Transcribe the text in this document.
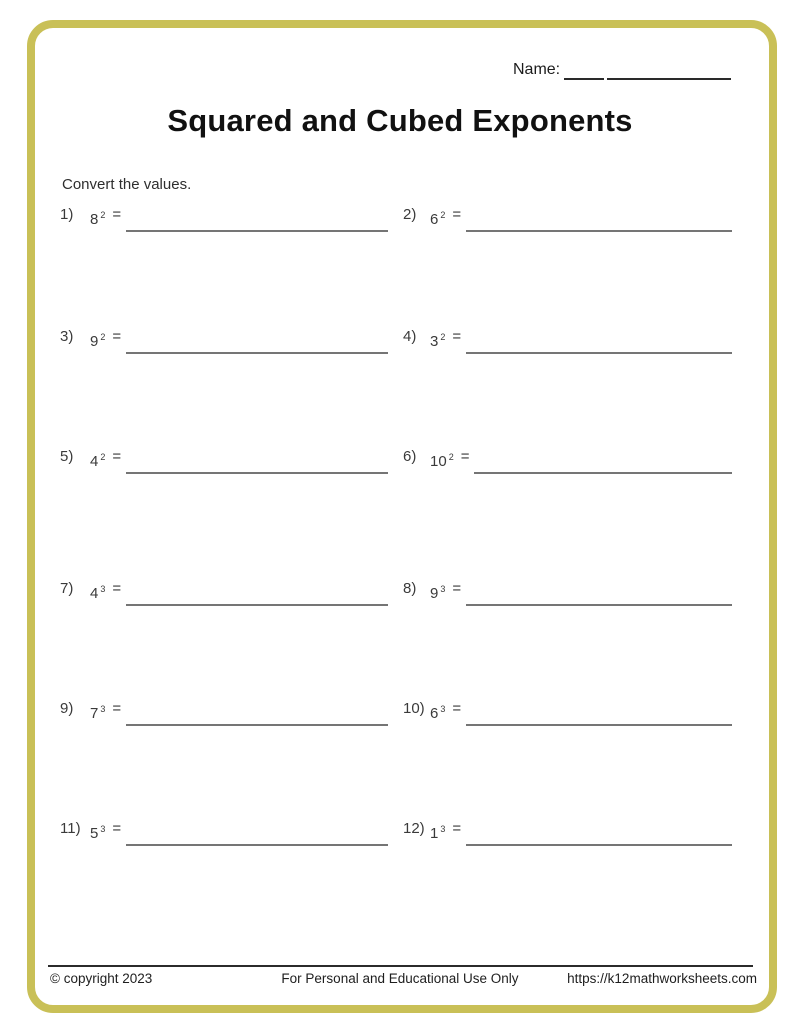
Name:
Squared and Cubed Exponents
Convert the values.
1)	8 $^2$ =	2) 6 $^2$ =
3)	9 $^2$ =	4) 3 $^2$ =
5)	4 $^2$ =	6) 10 $^2$ =
7)	4 $^3$ =	8) 9 $^3$ =
9)	7 $^3$ =	10) 6 $^3$ =
11) 5 $^3$ =	12) 1 $^3$ =
© copyright 2023	For Personal and Educational Use Only	https://k12mathworksheets.com
